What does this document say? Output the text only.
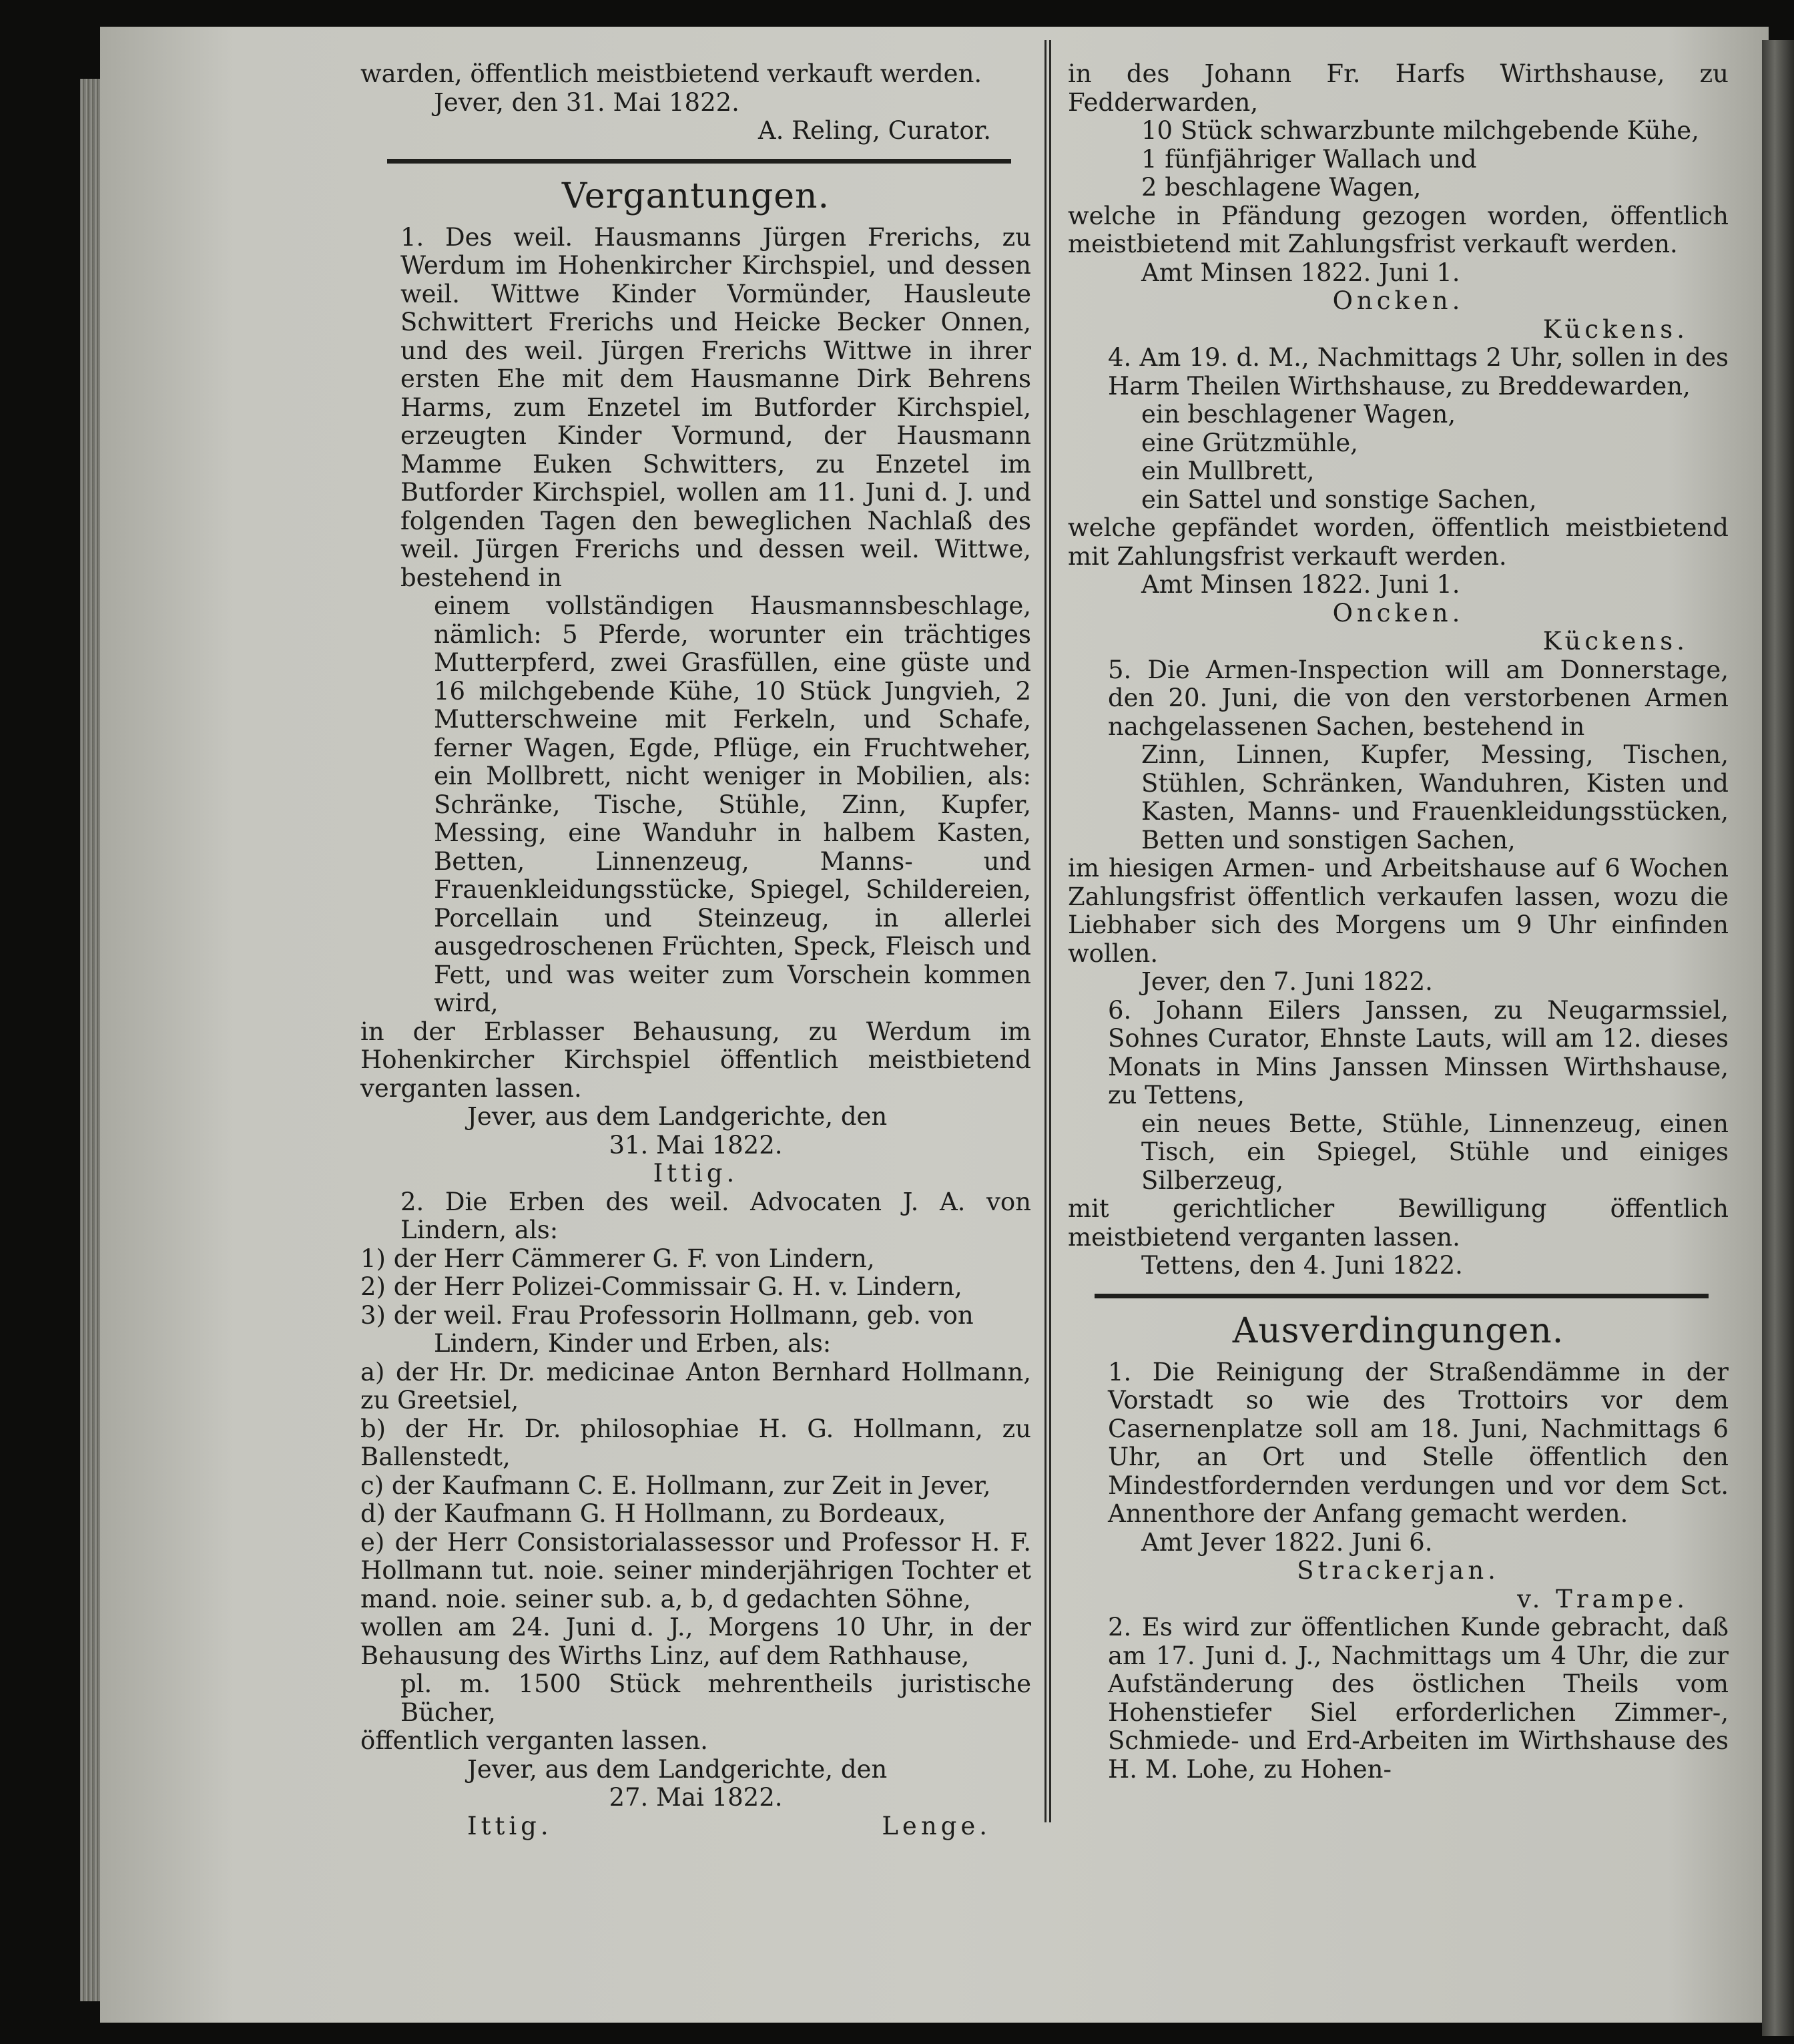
warden, öffentlich meistbietend verkauft werden.

Jever, den 31. Mai 1822.

A. Reling, Curator.

Vergantungen.

1. Des weil. Hausmanns Jürgen Frerichs, zu Werdum im Hohenkircher Kirchspiel, und dessen weil. Wittwe Kinder Vormünder, Hausleute Schwittert Frerichs und Heicke Becker Onnen, und des weil. Jürgen Frerichs Wittwe in ihrer ersten Ehe mit dem Hausmanne Dirk Behrens Harms, zum Enzetel im Butforder Kirchspiel, erzeugten Kinder Vormund, der Hausmann Mamme Euken Schwitters, zu Enzetel im Butforder Kirchspiel, wollen am 11. Juni d. J. und folgenden Tagen den beweglichen Nachlaß des weil. Jürgen Frerichs und dessen weil. Wittwe, bestehend in

einem vollständigen Hausmannsbeschlage, nämlich: 5 Pferde, worunter ein trächtiges Mutterpferd, zwei Grasfüllen, eine güste und 16 milchgebende Kühe, 10 Stück Jungvieh, 2 Mutterschweine mit Ferkeln, und Schafe, ferner Wagen, Egde, Pflüge, ein Fruchtweher, ein Mollbrett, nicht weniger in Mobilien, als: Schränke, Tische, Stühle, Zinn, Kupfer, Messing, eine Wanduhr in halbem Kasten, Betten, Linnenzeug, Manns- und Frauenkleidungsstücke, Spiegel, Schildereien, Porcellain und Steinzeug, in allerlei ausgedroschenen Früchten, Speck, Fleisch und Fett, und was weiter zum Vorschein kommen wird,

in der Erblasser Behausung, zu Werdum im Hohenkircher Kirchspiel öffentlich meistbietend verganten lassen.

Jever, aus dem Landgerichte, den

31. Mai 1822.

Ittig.

2. Die Erben des weil. Advocaten J. A. von Lindern, als:

1) der Herr Cämmerer G. F. von Lindern,

2) der Herr Polizei-Commissair G. H. v. Lindern,

3) der weil. Frau Professorin Hollmann, geb. von

Lindern, Kinder und Erben, als:

a) der Hr. Dr. medicinae Anton Bernhard Hollmann, zu Greetsiel,

b) der Hr. Dr. philosophiae H. G. Hollmann, zu Ballenstedt,

c) der Kaufmann C. E. Hollmann, zur Zeit in Jever,

d) der Kaufmann G. H Hollmann, zu Bordeaux,

e) der Herr Consistorialassessor und Professor H. F. Hollmann tut. noie. seiner minderjährigen Tochter et mand. noie. seiner sub. a, b, d gedachten Söhne,

wollen am 24. Juni d. J., Morgens 10 Uhr, in der Behausung des Wirths Linz, auf dem Rathhause,

pl. m. 1500 Stück mehrentheils juristische Bücher,

öffentlich verganten lassen.

Jever, aus dem Landgerichte, den

27. Mai 1822.

Ittig.	Lenge.

in des Johann Fr. Harfs Wirthshause, zu Fedderwarden,

10 Stück schwarzbunte milchgebende Kühe,

1 fünfjähriger Wallach und

2 beschlagene Wagen,

welche in Pfändung gezogen worden, öffentlich meistbietend mit Zahlungsfrist verkauft werden.

Amt Minsen 1822. Juni 1.

Oncken.

Kückens.

4. Am 19. d. M., Nachmittags 2 Uhr, sollen in des Harm Theilen Wirthshause, zu Breddewarden,

ein beschlagener Wagen,

eine Grützmühle,

ein Mullbrett,

ein Sattel und sonstige Sachen,

welche gepfändet worden, öffentlich meistbietend mit Zahlungsfrist verkauft werden.

Amt Minsen 1822. Juni 1.

Oncken.

Kückens.

5. Die Armen-Inspection will am Donnerstage, den 20. Juni, die von den verstorbenen Armen nachgelassenen Sachen, bestehend in

Zinn, Linnen, Kupfer, Messing, Tischen, Stühlen, Schränken, Wanduhren, Kisten und Kasten, Manns- und Frauenkleidungsstücken, Betten und sonstigen Sachen,

im hiesigen Armen- und Arbeitshause auf 6 Wochen Zahlungsfrist öffentlich verkaufen lassen, wozu die Liebhaber sich des Morgens um 9 Uhr einfinden wollen.

Jever, den 7. Juni 1822.

6. Johann Eilers Janssen, zu Neugarmssiel, Sohnes Curator, Ehnste Lauts, will am 12. dieses Monats in Mins Janssen Minssen Wirthshause, zu Tettens,

ein neues Bette, Stühle, Linnenzeug, einen Tisch, ein Spiegel, Stühle und einiges Silberzeug,

mit gerichtlicher Bewilligung öffentlich meistbietend verganten lassen.

Tettens, den 4. Juni 1822.

Ausverdingungen.

1. Die Reinigung der Straßendämme in der Vorstadt so wie des Trottoirs vor dem Casernenplatze soll am 18. Juni, Nachmittags 6 Uhr, an Ort und Stelle öffentlich den Mindestfordernden verdungen und vor dem Sct. Annenthore der Anfang gemacht werden.

Amt Jever 1822. Juni 6.

Strackerjan.

v. Trampe.

2. Es wird zur öffentlichen Kunde gebracht, daß am 17. Juni d. J., Nachmittags um 4 Uhr, die zur Aufständerung des östlichen Theils vom Hohenstiefer Siel erforderlichen Zimmer-, Schmiede- und Erd-Arbeiten im Wirthshause des H. M. Lohe, zu Hohen-
